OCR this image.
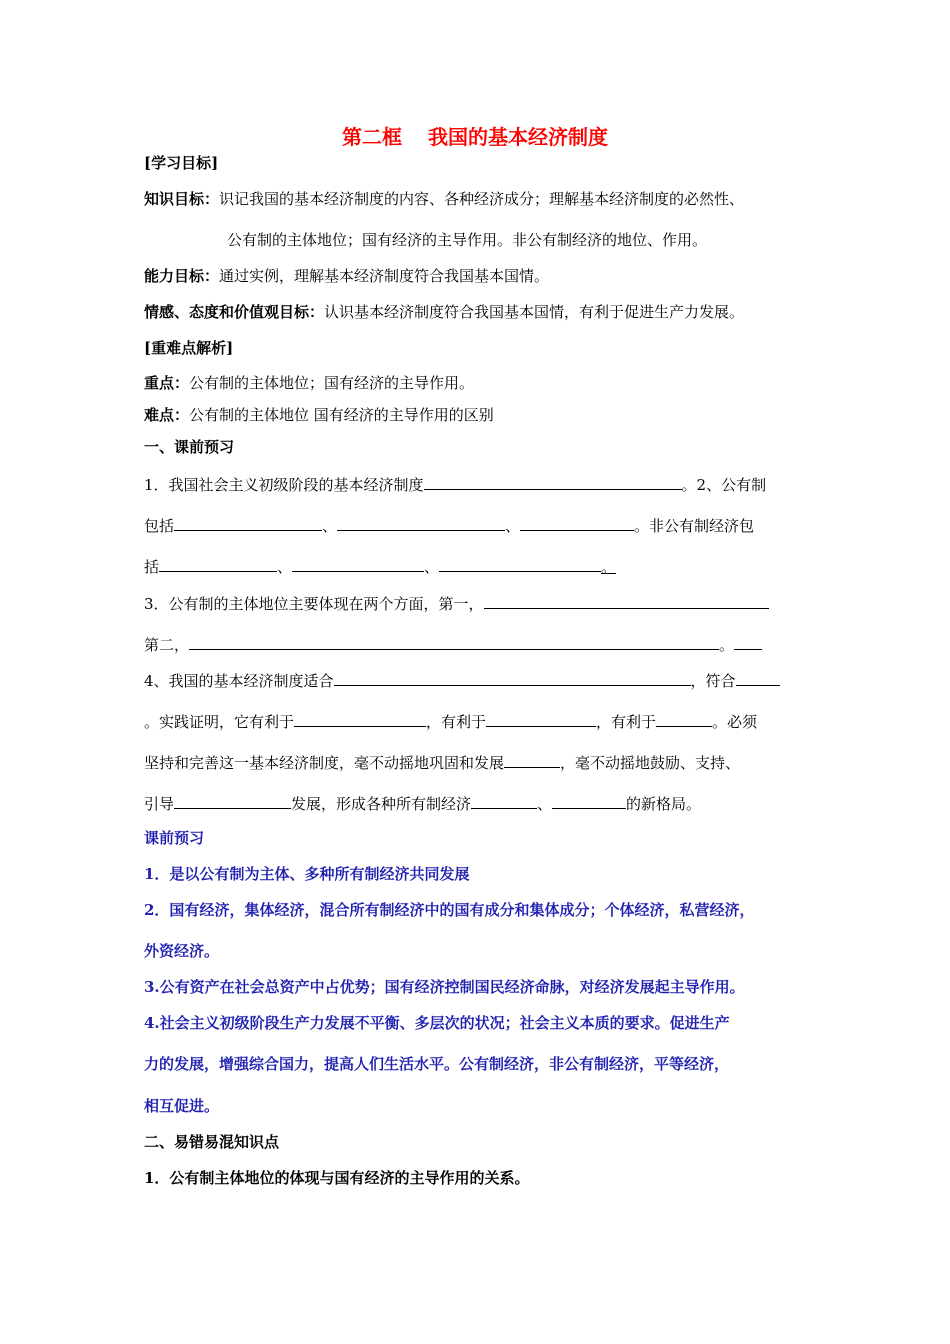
第二框 我国的基本经济制度
[学习目标]
知识目标：识记我国的基本经济制度的内容、各种经济成分；理解基本经济制度的必然性、
公有制的主体地位；国有经济的主导作用。非公有制经济的地位、作用。
能力目标：通过实例，理解基本经济制度符合我国基本国情。
情感、态度和价值观目标：认识基本经济制度符合我国基本国情，有利于促进生产力发展。
[重难点解析]
重点：公有制的主体地位；国有经济的主导作用。
难点：公有制的主体地位 国有经济的主导作用的区别
一、课前预习
1．我国社会主义初级阶段的基本经济制度	。2、公有制
包括	、	、	。非公有制经济包
括	、	、	。
3．公有制的主体地位主要体现在两个方面，第一，
第二，	。
4、我国的基本经济制度适合	，符合
。实践证明，它有利于	，有利于	，有利于	。必须
坚持和完善这一基本经济制度，毫不动摇地巩固和发展	，毫不动摇地鼓励、支持、
引导	发展，形成各种所有制经济	、	的新格局。
课前预习
1．是以公有制为主体、多种所有制经济共同发展
2．国有经济，集体经济，混合所有制经济中的国有成分和集体成分；个体经济，私营经济，
外资经济。
3.公有资产在社会总资产中占优势；国有经济控制国民经济命脉，对经济发展起主导作用。
4.社会主义初级阶段生产力发展不平衡、多层次的状况；社会主义本质的要求。促进生产
力的发展，增强综合国力，提高人们生活水平。公有制经济，非公有制经济，平等经济，
相互促进。
二、易错易混知识点
1．公有制主体地位的体现与国有经济的主导作用的关系。
